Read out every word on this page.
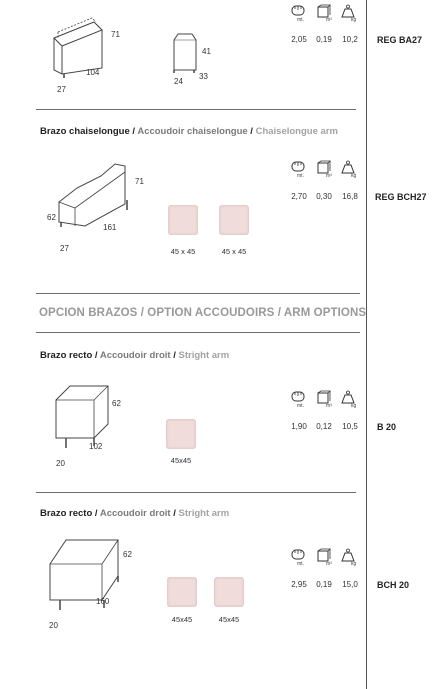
71
104
27
41
24
33
mt.	m³	kg
2,05	0,19	10,2	REG BA27
Brazo chaiselongue / Accoudoir chaiselongue / Chaiselongue arm
71
62
161
27	45 x 45	45 x 45
mt.	m³	kg
2,70	0,30	16,8	REG BCH27
OPCION BRAZOS / OPTION ACCOUDOIRS / ARM OPTIONS
Brazo recto / Accoudoir droit / Stright arm
62
102
20	45x45
mt.	m³	kg
1,90	0,12	10,5	B 20
Brazo recto / Accoudoir droit / Stright arm
62
160
20
45x45	45x45
mt.	m³	kg
2,95	0,19	15,0	BCH 20
